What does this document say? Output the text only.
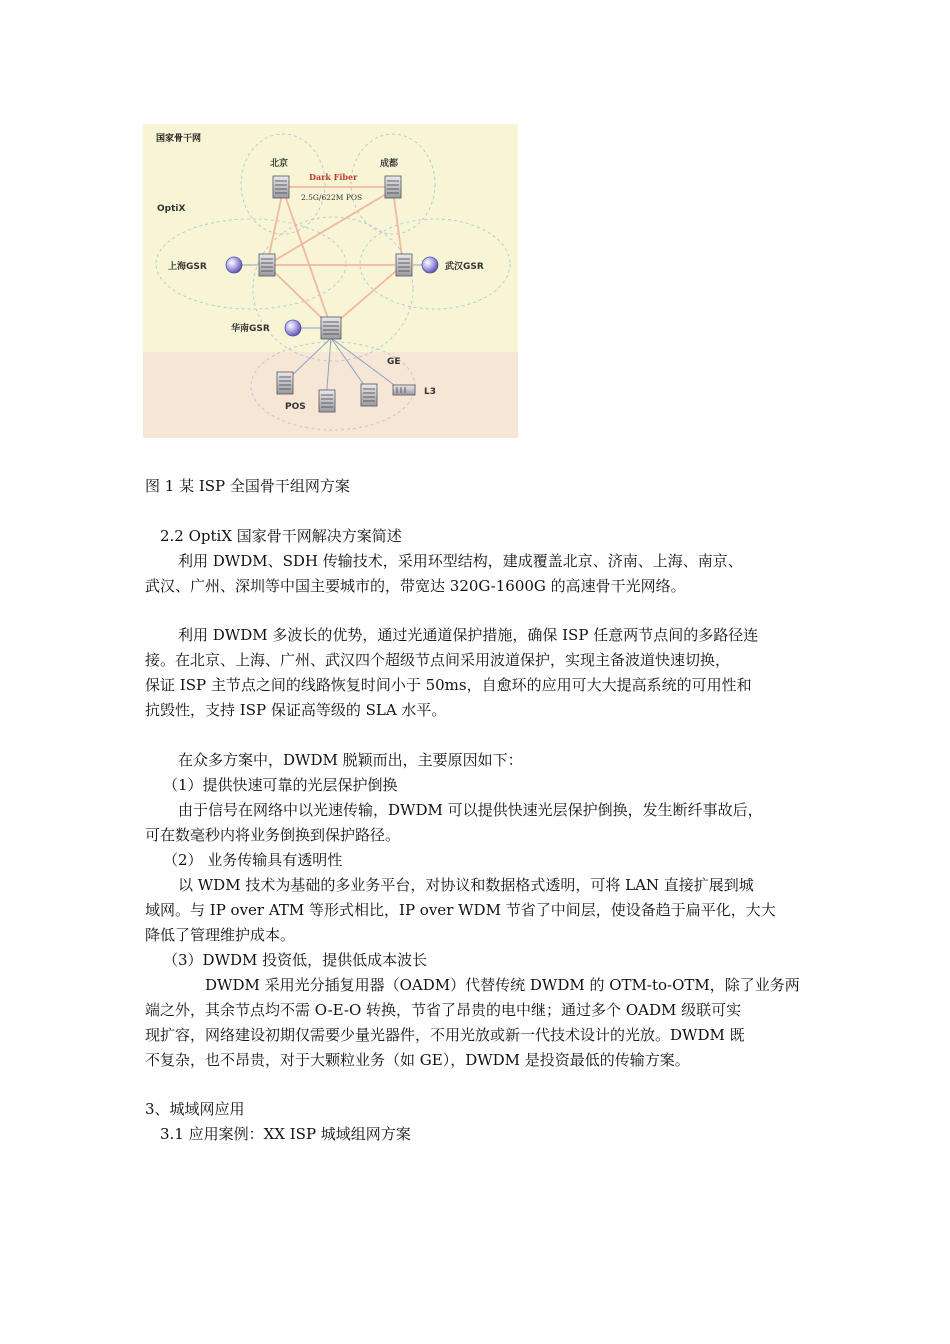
国家骨干网
OptiX
北京	成都
上海GSR	武汉GSR
华南GSR
GE
POS
L3
Dark Fiber
2.5G/622M POS
图 1 某 ISP 全国骨干组网方案
2.2 OptiX 国家骨干网解决方案简述
利用 DWDM、SDH 传输技术，采用环型结构，建成覆盖北京、济南、上海、南京、
武汉、广州、深圳等中国主要城市的，带宽达 320G-1600G 的高速骨干光网络。
利用 DWDM 多波长的优势，通过光通道保护措施，确保 ISP 任意两节点间的多路径连
接。在北京、上海、广州、武汉四个超级节点间采用波道保护，实现主备波道快速切换，
保证 ISP 主节点之间的线路恢复时间小于 50ms，自愈环的应用可大大提高系统的可用性和
抗毁性，支持 ISP 保证高等级的 SLA 水平。
在众多方案中，DWDM 脱颖而出，主要原因如下：
（1）提供快速可靠的光层保护倒换
由于信号在网络中以光速传输，DWDM 可以提供快速光层保护倒换，发生断纤事故后，
可在数毫秒内将业务倒换到保护路径。
（2） 业务传输具有透明性
以 WDM 技术为基础的多业务平台，对协议和数据格式透明，可将 LAN 直接扩展到城
域网。与 IP over ATM 等形式相比，IP over WDM 节省了中间层，使设备趋于扁平化，大大
降低了管理维护成本。
（3）DWDM 投资低，提供低成本波长
DWDM 采用光分插复用器（OADM）代替传统 DWDM 的 OTM-to-OTM，除了业务两
端之外，其余节点均不需 O-E-O 转换，节省了昂贵的电中继；通过多个 OADM 级联可实
现扩容，网络建设初期仅需要少量光器件，不用光放或新一代技术设计的光放。DWDM 既
不复杂，也不昂贵，对于大颗粒业务（如 GE），DWDM 是投资最低的传输方案。
3、城域网应用
3.1 应用案例：XX ISP 城域组网方案
